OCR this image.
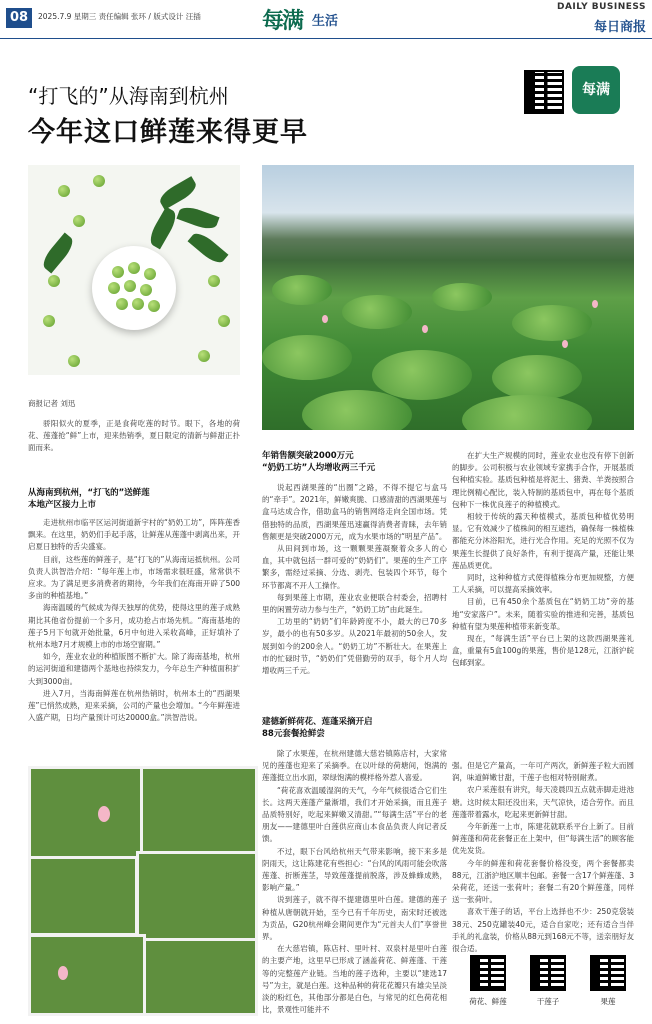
08	2025.7.9 星期三 责任编辑 张环 / 版式设计 汪插	每满 生活
DAILY BUSINESS
每日商报
“打飞的”从海南到杭州
今年这口鲜莲来得更早
每满
商报记者 刘迅

骄阳似火的夏季，正是食荷吃莲的时节。眼下，各地的荷花、莲蓬抢“鲜”上市，迎来热销季，夏日限定的清新与鲜甜正扑面而来。

从海南到杭州，“打飞的”送鲜莲
本地产区接力上市

走进杭州市临平区运河街道新宇村的“奶奶工坊”，阵阵莲香飘来。在这里，奶奶们手起手落，让鲜莲从莲蓬中剥离出来，开启夏日独特的舌尖盛宴。

目前，这些莲的鲜莲子，是“打飞的”从海南运抵杭州。公司负责人洪智浩介绍：“每年莲上市，市场需求很旺盛，常常供不应求。为了满足更多消费者的期待，今年我们在海南开辟了500多亩的种植基地。”

海南温暖的气候成为得天独厚的优势，使得这里的莲子成熟期比其他省份提前一个多月，成功抢占市场先机。“海南基地的莲子5月下旬就开始批量，6月中旬进入采收高峰，正好填补了杭州本地7月才规模上市的市场空窗期。”

如今，莲业农业的种植版图不断扩大。除了海南基地，杭州的运河街道和建德两个基地也持续发力，今年总生产种植面积扩大到3000亩。

进入7月，当海南鲜莲在杭州热销时，杭州本土的“西湖果莲”已悄然成熟，迎来采摘，公司的产量也会增加。“今年鲜莲进入盛产期，日均产量预计可达20000盒。”洪智浩说。

年销售额突破2000万元
“奶奶工坊”人均增收两三千元

说起西湖果莲的“出圈”之路，不得不提它与盒马的“牵手”。2021年，鲜嫩爽脆、口感清甜的西湖果莲与盒马达成合作，借助盒马的销售网络走向全国市场。凭借独特的品质，西湖果莲迅速赢得消费者青睐，去年销售额更是突破2000万元，成为水果市场的“明星产品”。

从田间到市场，这一颗颗果莲凝聚着众多人的心血，其中就包括一群可爱的“奶奶们”。果莲的生产工序繁多，需经过采摘、分选、剥壳、包装四个环节，每个环节都离不开人工操作。

每到果莲上市期，莲业农业便联合村委会，招聘村里的闲置劳动力参与生产，“奶奶工坊”由此诞生。

工坊里的“奶奶”们年龄跨度不小，最大的已70多岁，最小的也有50多岁。从2021年最初的50余人，发展到如今的200余人。“奶奶工坊”不断壮大。在果莲上市的忙碌时节，“奶奶们”凭借勤劳的双手，每个月人均增收两三千元。

在扩大生产规模的同时，莲业农业也没有停下创新的脚步。公司积极与农业领域专家携手合作，开展基质包种植实验。基质包种植是将泥土、猪粪、羊粪按照合理比例精心配比，装入特制的基质包中，再在每个基质包种下一株优良莲子的种植模式。

相较于传统的露天种植模式，基质包种植优势明显。它有效减少了植株间的相互遮挡，确保每一株植株都能充分沐浴阳光，进行光合作用。充足的光照不仅为果莲生长提供了良好条件，有利于提高产量，还能让果莲品质更优。

同时，这种种植方式使得植株分布更加规整，方便工人采摘，可以提高采摘效率。

目前，已有450余个基质包在“奶奶工坊”旁的基地“安家落户”。未来，随着实验的推进和完善，基质包种植有望为果莲种植带来新变革。

现在，“每满生活”平台已上架的这款西湖果莲礼盒，重量有5盒100g的果莲，售价是128元，江浙沪皖包邮到家。

建德新鲜荷花、莲蓬采摘开启
88元套餐抢鲜尝

除了水果莲，在杭州建德大慈岩镇陈店村，大家常见的莲蓬也迎来了采摘季。在以叶绿的荷塘间，饱满的莲蓬挺立出水面，翠绿饱满的模样格外惹人喜爱。

“荷花喜欢温暖湿润的天气，今年气候很适合它们生长。这两天莲蓬产量渐增，我们才开始采摘，而且莲子品质特别好，吃起来鲜嫩又清甜。”“每满生活”平台的老朋友——建德里叶白莲供应商山本食品负责人向记者反馈。

不过，眼下台风给杭州天气带来影响，接下来多是阴雨天，这让陈建花有些担心：“台风的风雨可能会吹落莲蓬、折断莲茎，导致莲蓬提前脱落，涉及蜂蜂成熟，影响产量。”

说到莲子，就不得不提建德里叶白莲。建德的莲子种植从唐朝就开始，至今已有千年历史，南宋时还被选为贡品，G20杭州峰会期间更作为“元首夫人们”享誉世界。

在大慈岩镇，陈店村、里叶村、双泉村是里叶白莲的主要产地，这里早已形成了涵盖荷花、鲜莲蓬、干莲等的完整莲产业链。当地的莲子选种，主要以“建选17号”为主，就是白莲。这种品种的荷花花瓣只有雄尖呈淡淡的粉红色，其他部分都是白色，与常见的红色荷花相比，景观性可能并不

强。但是它产量高，一年可产两次，新鲜莲子粒大而圆润，味道鲜嫩甘甜，干莲子也相对特别耐煮。

农户采莲很有讲究，每天凌晨四五点就赤脚走进池塘。这时候太阳还没出来，天气凉快，适合劳作。而且莲蓬带着露水，吃起来更新鲜甘甜。

今年新莲一上市，陈建花就联系平台上新了。目前鲜莲蓬和荷花套餐正在上架中，但“每满生活”的顾客能优先发货。

今年的鲜莲和荷花套餐价格没变，两个套餐都卖88元，江浙沪地区顺丰包邮。套餐一含17个鲜莲蓬、3朵荷花，还送一张荷叶；套餐二有20个鲜莲蓬，同样送一张荷叶。

喜欢干莲子的话，平台上选择也不少：250克袋装38元、250克罐装40元，适合自家吃；还有适合当伴手礼的礼盒装，价格从88元到168元不等，送亲朋好友很合适。

荷花、鲜莲	干莲子	果莲
